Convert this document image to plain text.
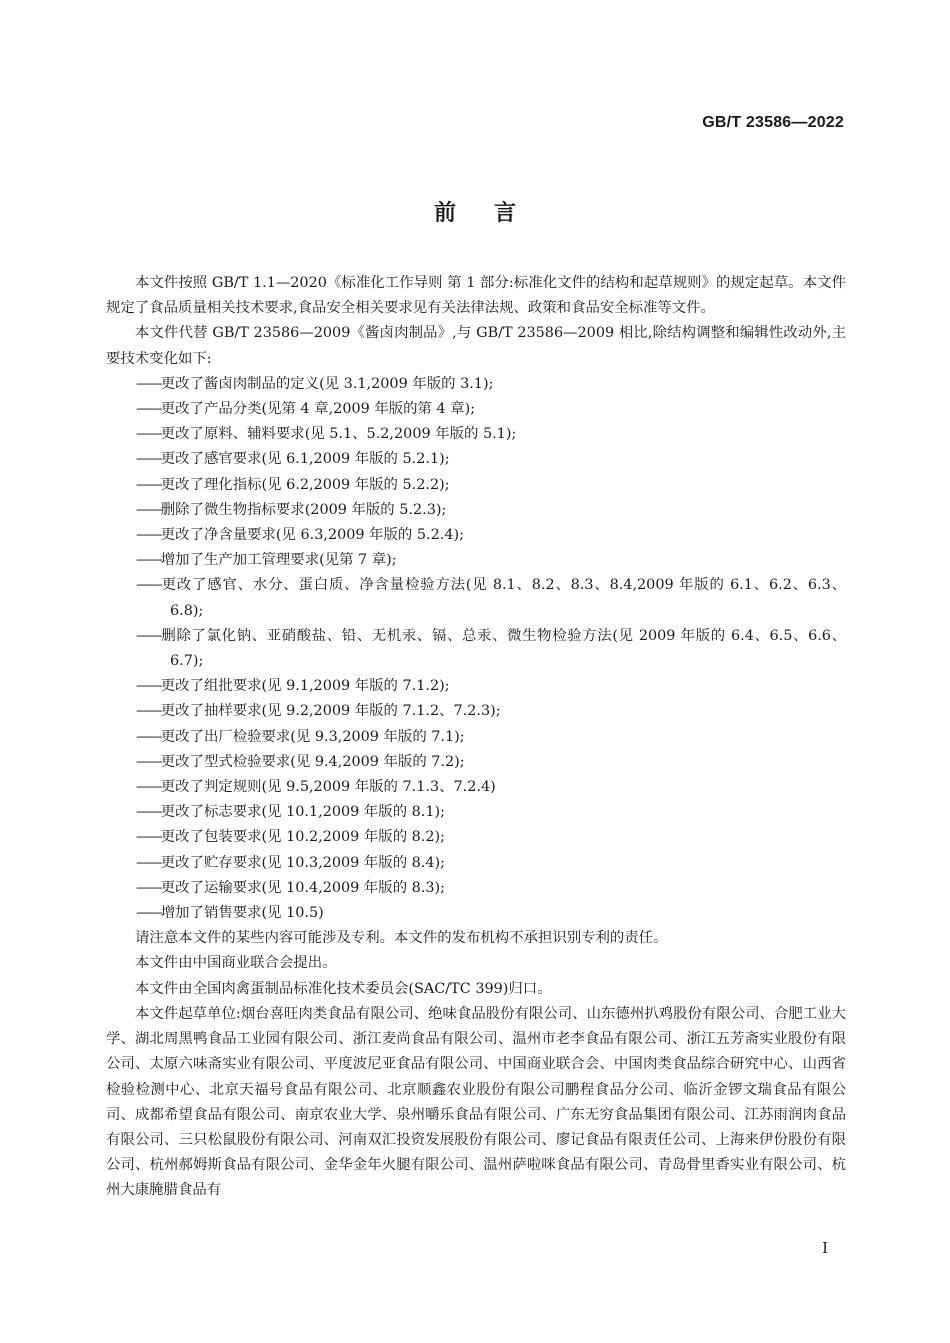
GB/T 23586—2022
前 言

本文件按照 GB/T 1.1—2020《标准化工作导则 第 1 部分:标准化文件的结构和起草规则》的规定起草。本文件规定了食品质量相关技术要求,食品安全相关要求见有关法律法规、政策和食品安全标准等文件。

本文件代替 GB/T 23586—2009《酱卤肉制品》,与 GB/T 23586—2009 相比,除结构调整和编辑性改动外,主要技术变化如下:

——更改了酱卤肉制品的定义(见 3.1,2009 年版的 3.1);
——更改了产品分类(见第 4 章,2009 年版的第 4 章);
——更改了原料、辅料要求(见 5.1、5.2,2009 年版的 5.1);
——更改了感官要求(见 6.1,2009 年版的 5.2.1);
——更改了理化指标(见 6.2,2009 年版的 5.2.2);
——删除了微生物指标要求(2009 年版的 5.2.3);
——更改了净含量要求(见 6.3,2009 年版的 5.2.4);
——增加了生产加工管理要求(见第 7 章);
——更改了感官、水分、蛋白质、净含量检验方法(见 8.1、8.2、8.3、8.4,2009 年版的 6.1、6.2、6.3、6.8);
——删除了氯化钠、亚硝酸盐、铅、无机汞、镉、总汞、微生物检验方法(见 2009 年版的 6.4、6.5、6.6、6.7);
——更改了组批要求(见 9.1,2009 年版的 7.1.2);
——更改了抽样要求(见 9.2,2009 年版的 7.1.2、7.2.3);
——更改了出厂检验要求(见 9.3,2009 年版的 7.1);
——更改了型式检验要求(见 9.4,2009 年版的 7.2);
——更改了判定规则(见 9.5,2009 年版的 7.1.3、7.2.4)
——更改了标志要求(见 10.1,2009 年版的 8.1);
——更改了包装要求(见 10.2,2009 年版的 8.2);
——更改了贮存要求(见 10.3,2009 年版的 8.4);
——更改了运输要求(见 10.4,2009 年版的 8.3);
——增加了销售要求(见 10.5)

请注意本文件的某些内容可能涉及专利。本文件的发布机构不承担识别专利的责任。

本文件由中国商业联合会提出。

本文件由全国肉禽蛋制品标准化技术委员会(SAC/TC 399)归口。

本文件起草单位:烟台喜旺肉类食品有限公司、绝味食品股份有限公司、山东德州扒鸡股份有限公司、合肥工业大学、湖北周黑鸭食品工业园有限公司、浙江麦尚食品有限公司、温州市老李食品有限公司、浙江五芳斋实业股份有限公司、太原六味斋实业有限公司、平度波尼亚食品有限公司、中国商业联合会、中国肉类食品综合研究中心、山西省检验检测中心、北京天福号食品有限公司、北京顺鑫农业股份有限公司鹏程食品分公司、临沂金锣文瑞食品有限公司、成都希望食品有限公司、南京农业大学、泉州嚼乐食品有限公司、广东无穷食品集团有限公司、江苏雨润肉食品有限公司、三只松鼠股份有限公司、河南双汇投资发展股份有限公司、廖记食品有限责任公司、上海来伊份股份有限公司、杭州郝姆斯食品有限公司、金华金年火腿有限公司、温州萨啦咪食品有限公司、青岛骨里香实业有限公司、杭州大康腌腊食品有

I
